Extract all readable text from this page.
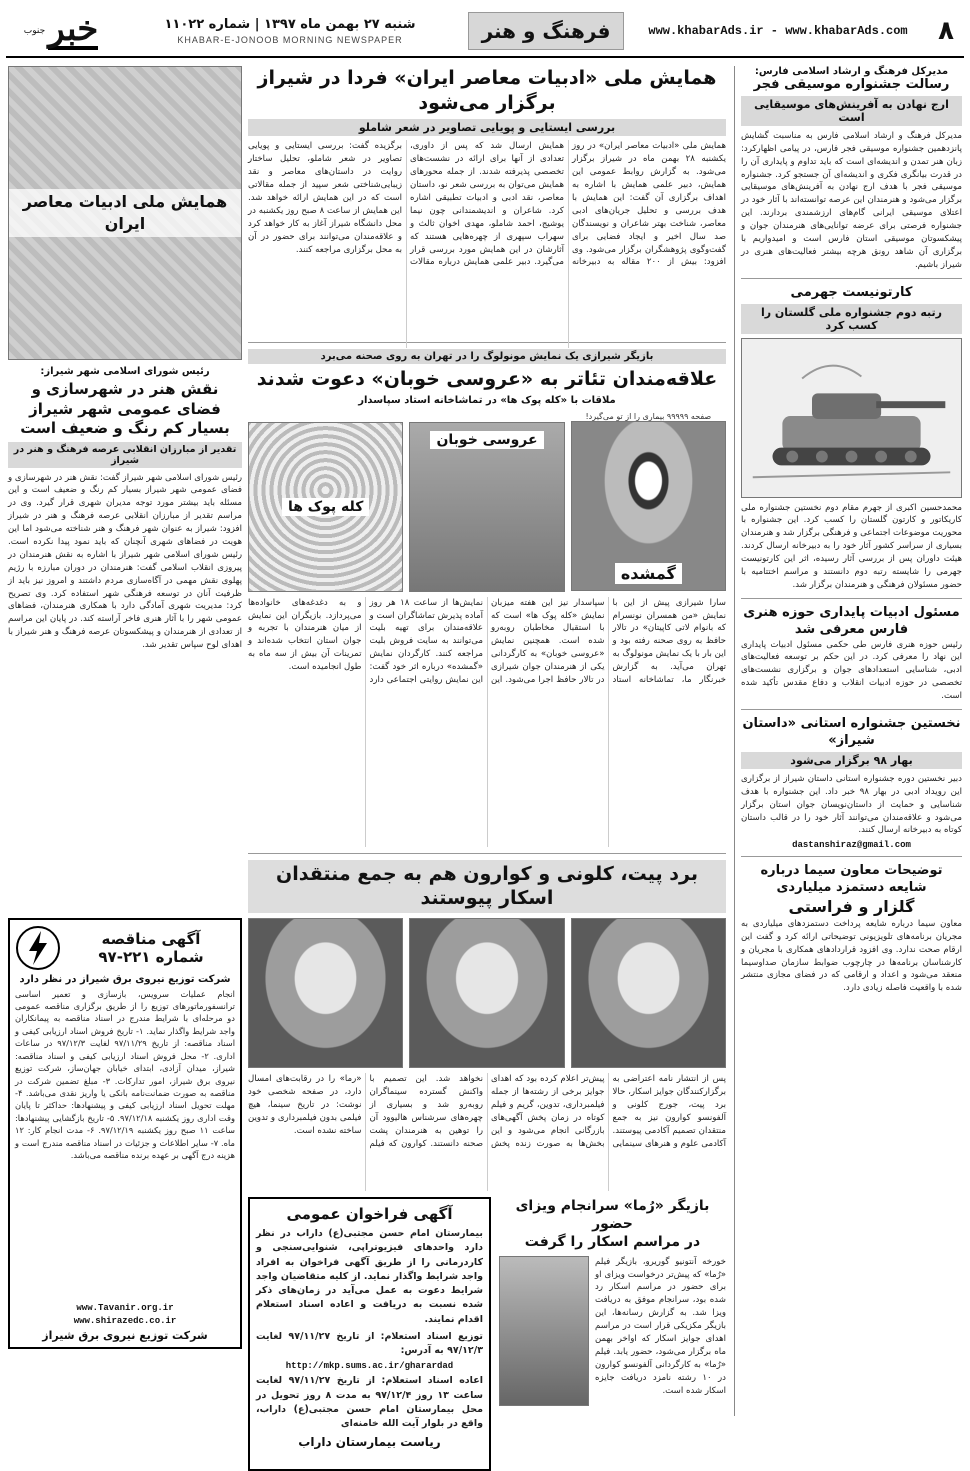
۸
www.khabarAds.ir - www.khabarAds.com
فرهنگ و هنر
شنبه ۲۷ بهمن ماه ۱۳۹۷ | شماره ۱۱۰۲۲
KHABAR-E-JONOOB MORNING NEWSPAPER
خبر
جنوب
مدیرکل فرهنگ و ارشاد اسلامی فارس:
رسالت جشنواره موسیقی فجر
ارج نهادن به آفرینش‌های موسیقایی است
مدیرکل فرهنگ و ارشاد اسلامی فارس به مناسبت گشایش پانزدهمین جشنواره موسیقی فجر فارس، در پیامی اظهارکرد: زبان هنر تمدن و اندیشه‌ای است که باید تداوم و پایداری آن را در قدرت بیانگری فکری و اندیشه‌ای آن جستجو کرد. جشنواره موسیقی فجر با هدف ارج نهادن به آفرینش‌های موسیقایی برگزار می‌شود و هنرمندان این عرصه توانسته‌اند با آثار خود در اعتلای موسیقی ایرانی گام‌های ارزشمندی بردارند. این جشنواره فرصتی برای عرضه توانایی‌های هنرمندان جوان و پیشکسوتان موسیقی استان فارس است و امیدواریم با برگزاری آن شاهد رونق هرچه بیشتر فعالیت‌های هنری در شیراز باشیم.
کارتونیست جهرمی
رتبه دوم جشنواره ملی گلستان را کسب کرد
محمدحسین اکبری از جهرم مقام دوم نخستین جشنواره ملی کاریکاتور و کارتون گلستان را کسب کرد. این جشنواره با محوریت موضوعات اجتماعی و فرهنگی برگزار شد و هنرمندان بسیاری از سراسر کشور آثار خود را به دبیرخانه ارسال کردند. هیئت داوران پس از بررسی آثار رسیده، اثر این کارتونیست جهرمی را شایسته رتبه دوم دانستند و مراسم اختتامیه با حضور مسئولان فرهنگی و هنرمندان برگزار شد.
مسئول ادبیات پایداری حوزه هنری فارس معرفی شد
رئیس حوزه هنری فارس طی حکمی مسئول ادبیات پایداری این نهاد را معرفی کرد. در این حکم بر توسعه فعالیت‌های ادبی، شناسایی استعدادهای جوان و برگزاری نشست‌های تخصصی در حوزه ادبیات انقلاب و دفاع مقدس تأکید شده است.
نخستین جشنواره استانی «داستان شیراز»
بهار ۹۸ برگزار می‌شود
دبیر نخستین دوره جشنواره استانی داستان شیراز از برگزاری این رویداد ادبی در بهار ۹۸ خبر داد. این جشنواره با هدف شناسایی و حمایت از داستان‌نویسان جوان استان برگزار می‌شود و علاقه‌مندان می‌توانند آثار خود را در قالب داستان کوتاه به دبیرخانه ارسال کنند.
dastanshiraz@gmail.com
توضیحات معاون سیما درباره شایعه دستمزد میلیاردی
گلزار و فراستی
معاون سیما درباره شایعه پرداخت دستمزدهای میلیاردی به مجریان برنامه‌های تلویزیونی توضیحاتی ارائه کرد و گفت این ارقام صحت ندارد. وی افزود قراردادهای همکاری با مجریان و کارشناسان برنامه‌ها در چارچوب ضوابط سازمان صداوسیما منعقد می‌شود و اعداد و ارقامی که در فضای مجازی منتشر شده با واقعیت فاصله زیادی دارد.
همایش ملی «ادبیات معاصر ایران» فردا در شیراز برگزار می‌شود
بررسی ایستایی و پویایی تصاویر در شعر شاملو
همایش ملی «ادبیات معاصر ایران» در روز یکشنبه ۲۸ بهمن ماه در شیراز برگزار می‌شود. به گزارش روابط عمومی این همایش، دبیر علمی همایش با اشاره به اهداف برگزاری آن گفت: این همایش با هدف بررسی و تحلیل جریان‌های ادبی معاصر، شناخت بهتر شاعران و نویسندگان صد سال اخیر و ایجاد فضایی برای گفت‌وگوی پژوهشگران برگزار می‌شود. وی افزود: بیش از ۲۰۰ مقاله به دبیرخانه همایش ارسال شد که پس از داوری، تعدادی از آنها برای ارائه در نشست‌های تخصصی پذیرفته شدند. از جمله محورهای همایش می‌توان به بررسی شعر نو، داستان معاصر، نقد ادبی و ادبیات تطبیقی اشاره کرد. شاعران و اندیشمندانی چون نیما یوشیج، احمد شاملو، مهدی اخوان ثالث و سهراب سپهری از چهره‌هایی هستند که آثارشان در این همایش مورد بررسی قرار می‌گیرد. دبیر علمی همایش درباره مقالات برگزیده گفت: بررسی ایستایی و پویایی تصاویر در شعر شاملو، تحلیل ساختار روایت در داستان‌های معاصر و نقد زیبایی‌شناختی شعر سپید از جمله مقالاتی است که در این همایش ارائه خواهد شد. این همایش از ساعت ۸ صبح روز یکشنبه در محل دانشگاه شیراز آغاز به کار خواهد کرد و علاقه‌مندان می‌توانند برای حضور در آن به محل برگزاری مراجعه کنند.
بازیگر شیرازی یک نمایش مونولوگ را در تهران به روی صحنه می‌برد
علاقه‌مندان تئاتر به «عروسی خوبان» دعوت شدند
ملاقات با «کله پوک ها» در تماشاخانه استاد سپاسدار
صفحه ۹۹۹۹۹ بیماری را از تو می‌گیرد!
گمشده
عروسی خوبان
کله پوک ها
سارا شیرازی پیش از این با نمایش «من همسران نونسرام که بانوام لاتی کاپیتان» در تالار حافظ به روی صحنه رفته بود و این بار با یک نمایش مونولوگ به تهران می‌آید. به گزارش خبرنگار ما، تماشاخانه استاد سپاسدار نیز این هفته میزبان نمایش «کله پوک ها» است که با استقبال مخاطبان روبه‌رو شده است. همچنین نمایش «عروسی خوبان» به کارگردانی یکی از هنرمندان جوان شیرازی در تالار حافظ اجرا می‌شود. این نمایش‌ها از ساعت ۱۸ هر روز آماده پذیرش تماشاگران است و علاقه‌مندان برای تهیه بلیت می‌توانند به سایت فروش بلیت مراجعه کنند. کارگردان نمایش «گمشده» درباره اثر خود گفت: این نمایش روایتی اجتماعی دارد و به دغدغه‌های خانواده‌ها می‌پردازد. بازیگران این نمایش از میان هنرمندان با تجربه و جوان استان انتخاب شده‌اند و تمرینات آن بیش از سه ماه به طول انجامیده است.
برد پیت، کلونی و کوارون هم به جمع منتقدان اسکار پیوستند
پس از انتشار نامه اعتراضی به برگزارکنندگان جوایز اسکار، حالا برد پیت، جورج کلونی و آلفونسو کوارون نیز به جمع منتقدان تصمیم آکادمی پیوستند. آکادمی علوم و هنرهای سینمایی پیش‌تر اعلام کرده بود که اهدای جوایز برخی از رشته‌ها از جمله فیلمبرداری، تدوین، گریم و فیلم کوتاه در زمان پخش آگهی‌های بازرگانی انجام می‌شود و این بخش‌ها به صورت زنده پخش نخواهد شد. این تصمیم با واکنش گسترده سینماگران روبه‌رو شد و بسیاری از چهره‌های سرشناس هالیوود آن را توهین به هنرمندان پشت صحنه دانستند. کوارون که فیلم «رما» را در رقابت‌های امسال دارد، در صفحه شخصی خود نوشت: در تاریخ سینما، هیچ فیلمی بدون فیلمبرداری و تدوین ساخته نشده است.
بازیگر «رُما» سرانجام ویزای حضور
در مراسم اسکار را گرفت
خورخه آنتونیو گوریرو، بازیگر فیلم «رُما» که پیش‌تر درخواست ویزای او برای حضور در مراسم اسکار رد شده بود، سرانجام موفق به دریافت ویزا شد. به گزارش رسانه‌ها، این بازیگر مکزیکی قرار است در مراسم اهدای جوایز اسکار که اواخر بهمن ماه برگزار می‌شود، حضور یابد. فیلم «رُما» به کارگردانی آلفونسو کوارون در ۱۰ رشته نامزد دریافت جایزه اسکار شده است.
آگهی فراخوان عمومی
بیمارستان امام حسن مجتبی(ع) داراب در نظر دارد واحدهای فیزیوتراپی، شنوایی‌سنجی و کاردرمانی را از طریق آگهی فراخوان به افراد واجد شرایط واگذار نماید. از کلیه متقاضیان واجد شرایط دعوت به عمل می‌آید در زمان‌های ذکر شده نسبت به دریافت و اعاده اسناد استعلام اقدام نمایند.
توزیع اسناد استعلام: از تاریخ ۹۷/۱۱/۲۷ لغایت ۹۷/۱۲/۳ به آدرس:
http://mkp.sums.ac.ir/gharardad
اعاده اسناد استعلام: از تاریخ ۹۷/۱۱/۲۷ لغایت ساعت ۱۳ روز ۹۷/۱۲/۴ به مدت ۸ روز تحویل در محل بیمارستان امام حسن مجتبی(ع) داراب، واقع در بلوار آیت الله خامنه‌ای
ریاست بیمارستان داراب
همایش ملی ادبیات معاصر ایران
رئیس شورای اسلامی شهر شیراز:
نقش هنر در شهرسازی و فضای عمومی شهر شیراز بسیار کم رنگ و ضعیف است
تقدیر از مبارزان انقلابی عرصه فرهنگ و هنر در شیراز
رئیس شورای اسلامی شهر شیراز گفت: نقش هنر در شهرسازی و فضای عمومی شهر شیراز بسیار کم رنگ و ضعیف است و این مسئله باید بیشتر مورد توجه مدیران شهری قرار گیرد. وی در مراسم تقدیر از مبارزان انقلابی عرصه فرهنگ و هنر در شیراز افزود: شیراز به عنوان شهر فرهنگ و هنر شناخته می‌شود اما این هویت در فضاهای شهری آنچنان که باید نمود پیدا نکرده است. رئیس شورای اسلامی شهر شیراز با اشاره به نقش هنرمندان در پیروزی انقلاب اسلامی گفت: هنرمندان در دوران مبارزه با رژیم پهلوی نقش مهمی در آگاه‌سازی مردم داشتند و امروز نیز باید از ظرفیت آنان در توسعه فرهنگی شهر استفاده کرد. وی تصریح کرد: مدیریت شهری آمادگی دارد با همکاری هنرمندان، فضاهای عمومی شهر را با آثار هنری فاخر آراسته کند. در پایان این مراسم از تعدادی از هنرمندان و پیشکسوتان عرصه فرهنگ و هنر شیراز با اهدای لوح سپاس تقدیر شد.
آگهی مناقصه
شماره ۲۲۱-۹۷
شرکت توزیع نیروی برق شیراز در نظر دارد
انجام عملیات سرویس، بازسازی و تعمیر اساسی ترانسفورماتورهای توزیع را از طریق برگزاری مناقصه عمومی دو مرحله‌ای با شرایط مندرج در اسناد مناقصه به پیمانکاران واجد شرایط واگذار نماید. ۱- تاریخ فروش اسناد ارزیابی کیفی و اسناد مناقصه: از تاریخ ۹۷/۱۱/۲۹ لغایت ۹۷/۱۲/۳ در ساعات اداری. ۲- محل فروش اسناد ارزیابی کیفی و اسناد مناقصه: شیراز، میدان آزادی، ابتدای خیابان جهان‌ساز، شرکت توزیع نیروی برق شیراز، امور تدارکات. ۳- مبلغ تضمین شرکت در مناقصه به صورت ضمانت‌نامه بانکی یا واریز نقدی می‌باشد. ۴- مهلت تحویل اسناد ارزیابی کیفی و پیشنهادها: حداکثر تا پایان وقت اداری روز یکشنبه ۹۷/۱۲/۱۸. ۵- تاریخ بازگشایی پیشنهادها: ساعت ۱۱ صبح روز یکشنبه ۹۷/۱۲/۱۹. ۶- مدت انجام کار: ۱۲ ماه. ۷- سایر اطلاعات و جزئیات در اسناد مناقصه مندرج است و هزینه درج آگهی بر عهده برنده مناقصه می‌باشد.
www.Tavanir.org.ir
www.shirazedc.co.ir
شرکت توزیع نیروی برق شیراز
